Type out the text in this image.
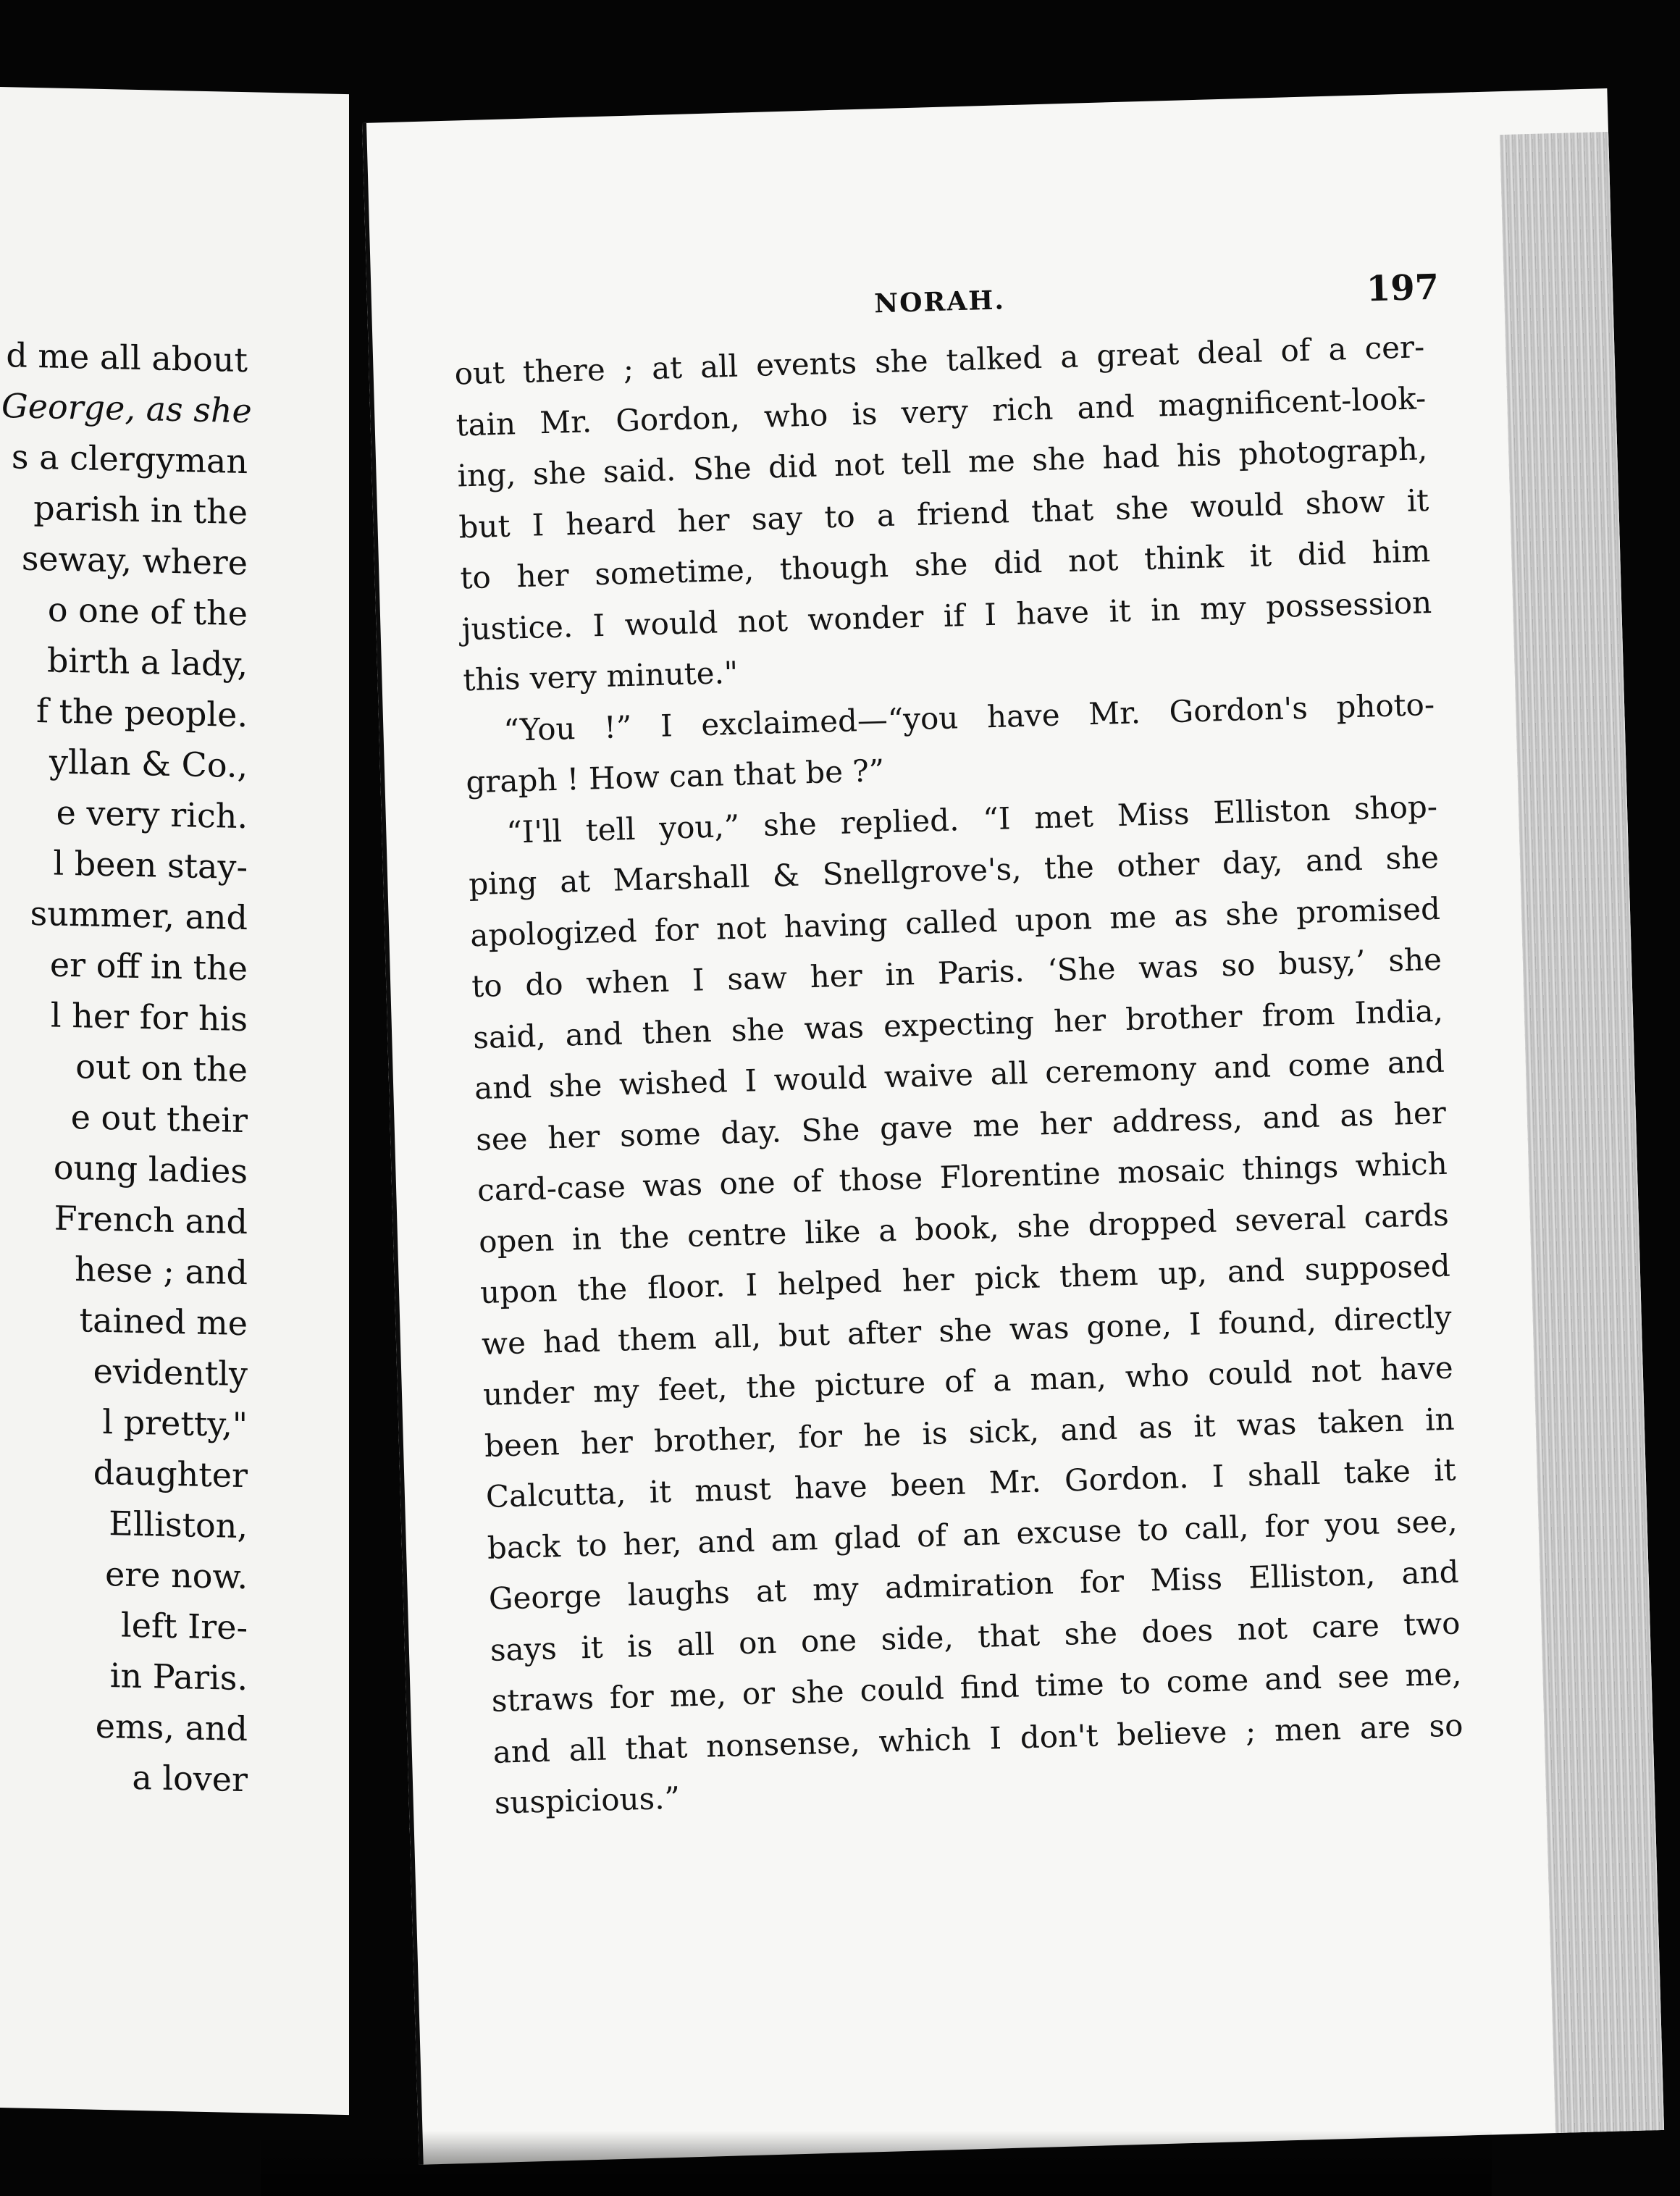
d me all about
George, as she
s a clergyman
parish in the
seway, where
o one of the
birth a lady,
f the people.
yllan & Co.,
e very rich.
l been stay-
summer, and
er off in the
l her for his
out on the
e out their
oung ladies
French and
hese ; and
tained me
evidently
l pretty,"
daughter
Elliston,
ere now.
left Ire-
in Paris.
ems, and
a lover
NORAH.	197
out there ; at all events she talked a great deal of a cer-
tain Mr. Gordon, who is very rich and magnificent-look-
ing, she said. She did not tell me she had his photograph,
but I heard her say to a friend that she would show it
to her sometime, though she did not think it did him
justice. I would not wonder if I have it in my possession
this very minute."
“You !” I exclaimed—“you have Mr. Gordon's photo-
graph ! How can that be ?”
“I'll tell you,” she replied. “I met Miss Elliston shop-
ping at Marshall & Snellgrove's, the other day, and she
apologized for not having called upon me as she promised
to do when I saw her in Paris. ‘She was so busy,’ she
said, and then she was expecting her brother from India,
and she wished I would waive all ceremony and come and
see her some day. She gave me her address, and as her
card-case was one of those Florentine mosaic things which
open in the centre like a book, she dropped several cards
upon the floor. I helped her pick them up, and supposed
we had them all, but after she was gone, I found, directly
under my feet, the picture of a man, who could not have
been her brother, for he is sick, and as it was taken in
Calcutta, it must have been Mr. Gordon. I shall take it
back to her, and am glad of an excuse to call, for you see,
George laughs at my admiration for Miss Elliston, and
says it is all on one side, that she does not care two
straws for me, or she could find time to come and see me,
and all that nonsense, which I don't believe ; men are so
suspicious.”
